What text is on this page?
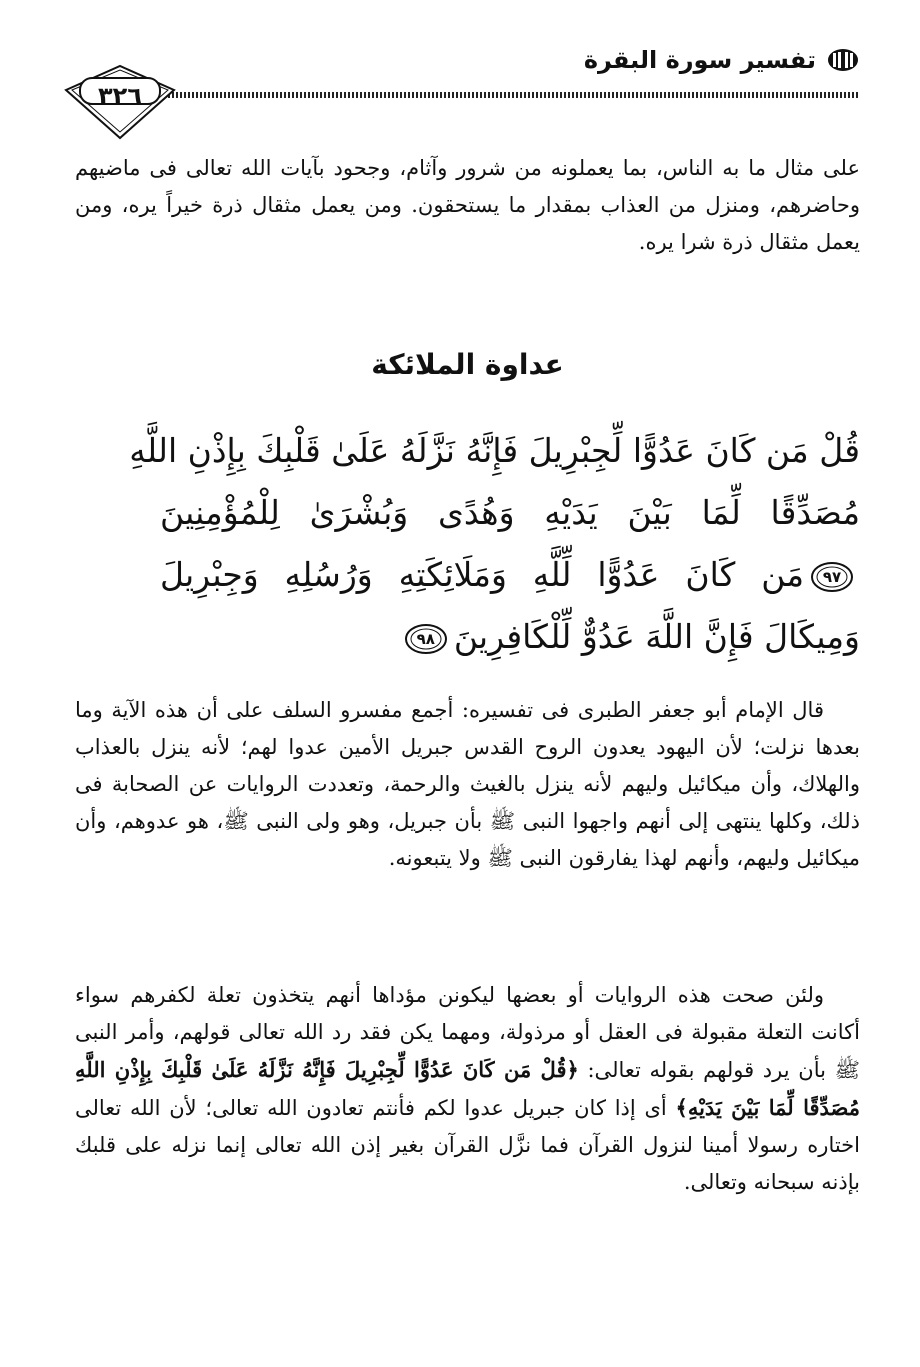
تفسير سورة البقرة
٣٢٦

على مثال ما به الناس، بما يعملونه من شرور وآثام، وجحود بآيات الله تعالى فى ماضيهم وحاضرهم، ومنزل من العذاب بمقدار ما يستحقون. ومن يعمل مثقال ذرة خيراً يره، ومن يعمل مثقال ذرة شرا يره.

عداوة الملائكة
قُلْ مَن كَانَ عَدُوًّا لِّجِبْرِيلَ فَإِنَّهُ نَزَّلَهُ عَلَىٰ قَلْبِكَ بِإِذْنِ اللَّهِ
مُصَدِّقًا لِّمَا بَيْنَ يَدَيْهِ وَهُدًى وَبُشْرَىٰ لِلْمُؤْمِنِينَ
٩٧
مَن كَانَ عَدُوًّا لِّلَّهِ وَمَلَائِكَتِهِ وَرُسُلِهِ وَجِبْرِيلَ
وَمِيكَالَ فَإِنَّ اللَّهَ عَدُوٌّ لِّلْكَافِرِينَ
٩٨

قال الإمام أبو جعفر الطبرى فى تفسيره: أجمع مفسرو السلف على أن هذه الآية وما بعدها نزلت؛ لأن اليهود يعدون الروح القدس جبريل الأمين عدوا لهم؛ لأنه ينزل بالعذاب والهلاك، وأن ميكائيل وليهم لأنه ينزل بالغيث والرحمة، وتعددت الروايات عن الصحابة فى ذلك، وكلها ينتهى إلى أنهم واجهوا النبى ﷺ بأن جبريل، وهو ولى النبى ﷺ، هو عدوهم، وأن ميكائيل وليهم، وأنهم لهذا يفارقون النبى ﷺ ولا يتبعونه.

ولئن صحت هذه الروايات أو بعضها ليكونن مؤداها أنهم يتخذون تعلة لكفرهم سواء أكانت التعلة مقبولة فى العقل أو مرذولة، ومهما يكن فقد رد الله تعالى قولهم، وأمر النبى ﷺ بأن يرد قولهم بقوله تعالى: ﴿قُلْ مَن كَانَ عَدُوًّا لِّجِبْرِيلَ فَإِنَّهُ نَزَّلَهُ عَلَىٰ قَلْبِكَ بِإِذْنِ اللَّهِ مُصَدِّقًا لِّمَا بَيْنَ يَدَيْهِ﴾ أى إذا كان جبريل عدوا لكم فأنتم تعادون الله تعالى؛ لأن الله تعالى اختاره رسولا أمينا لنزول القرآن فما نزَّل القرآن بغير إذن الله تعالى إنما نزله على قلبك بإذنه سبحانه وتعالى.
